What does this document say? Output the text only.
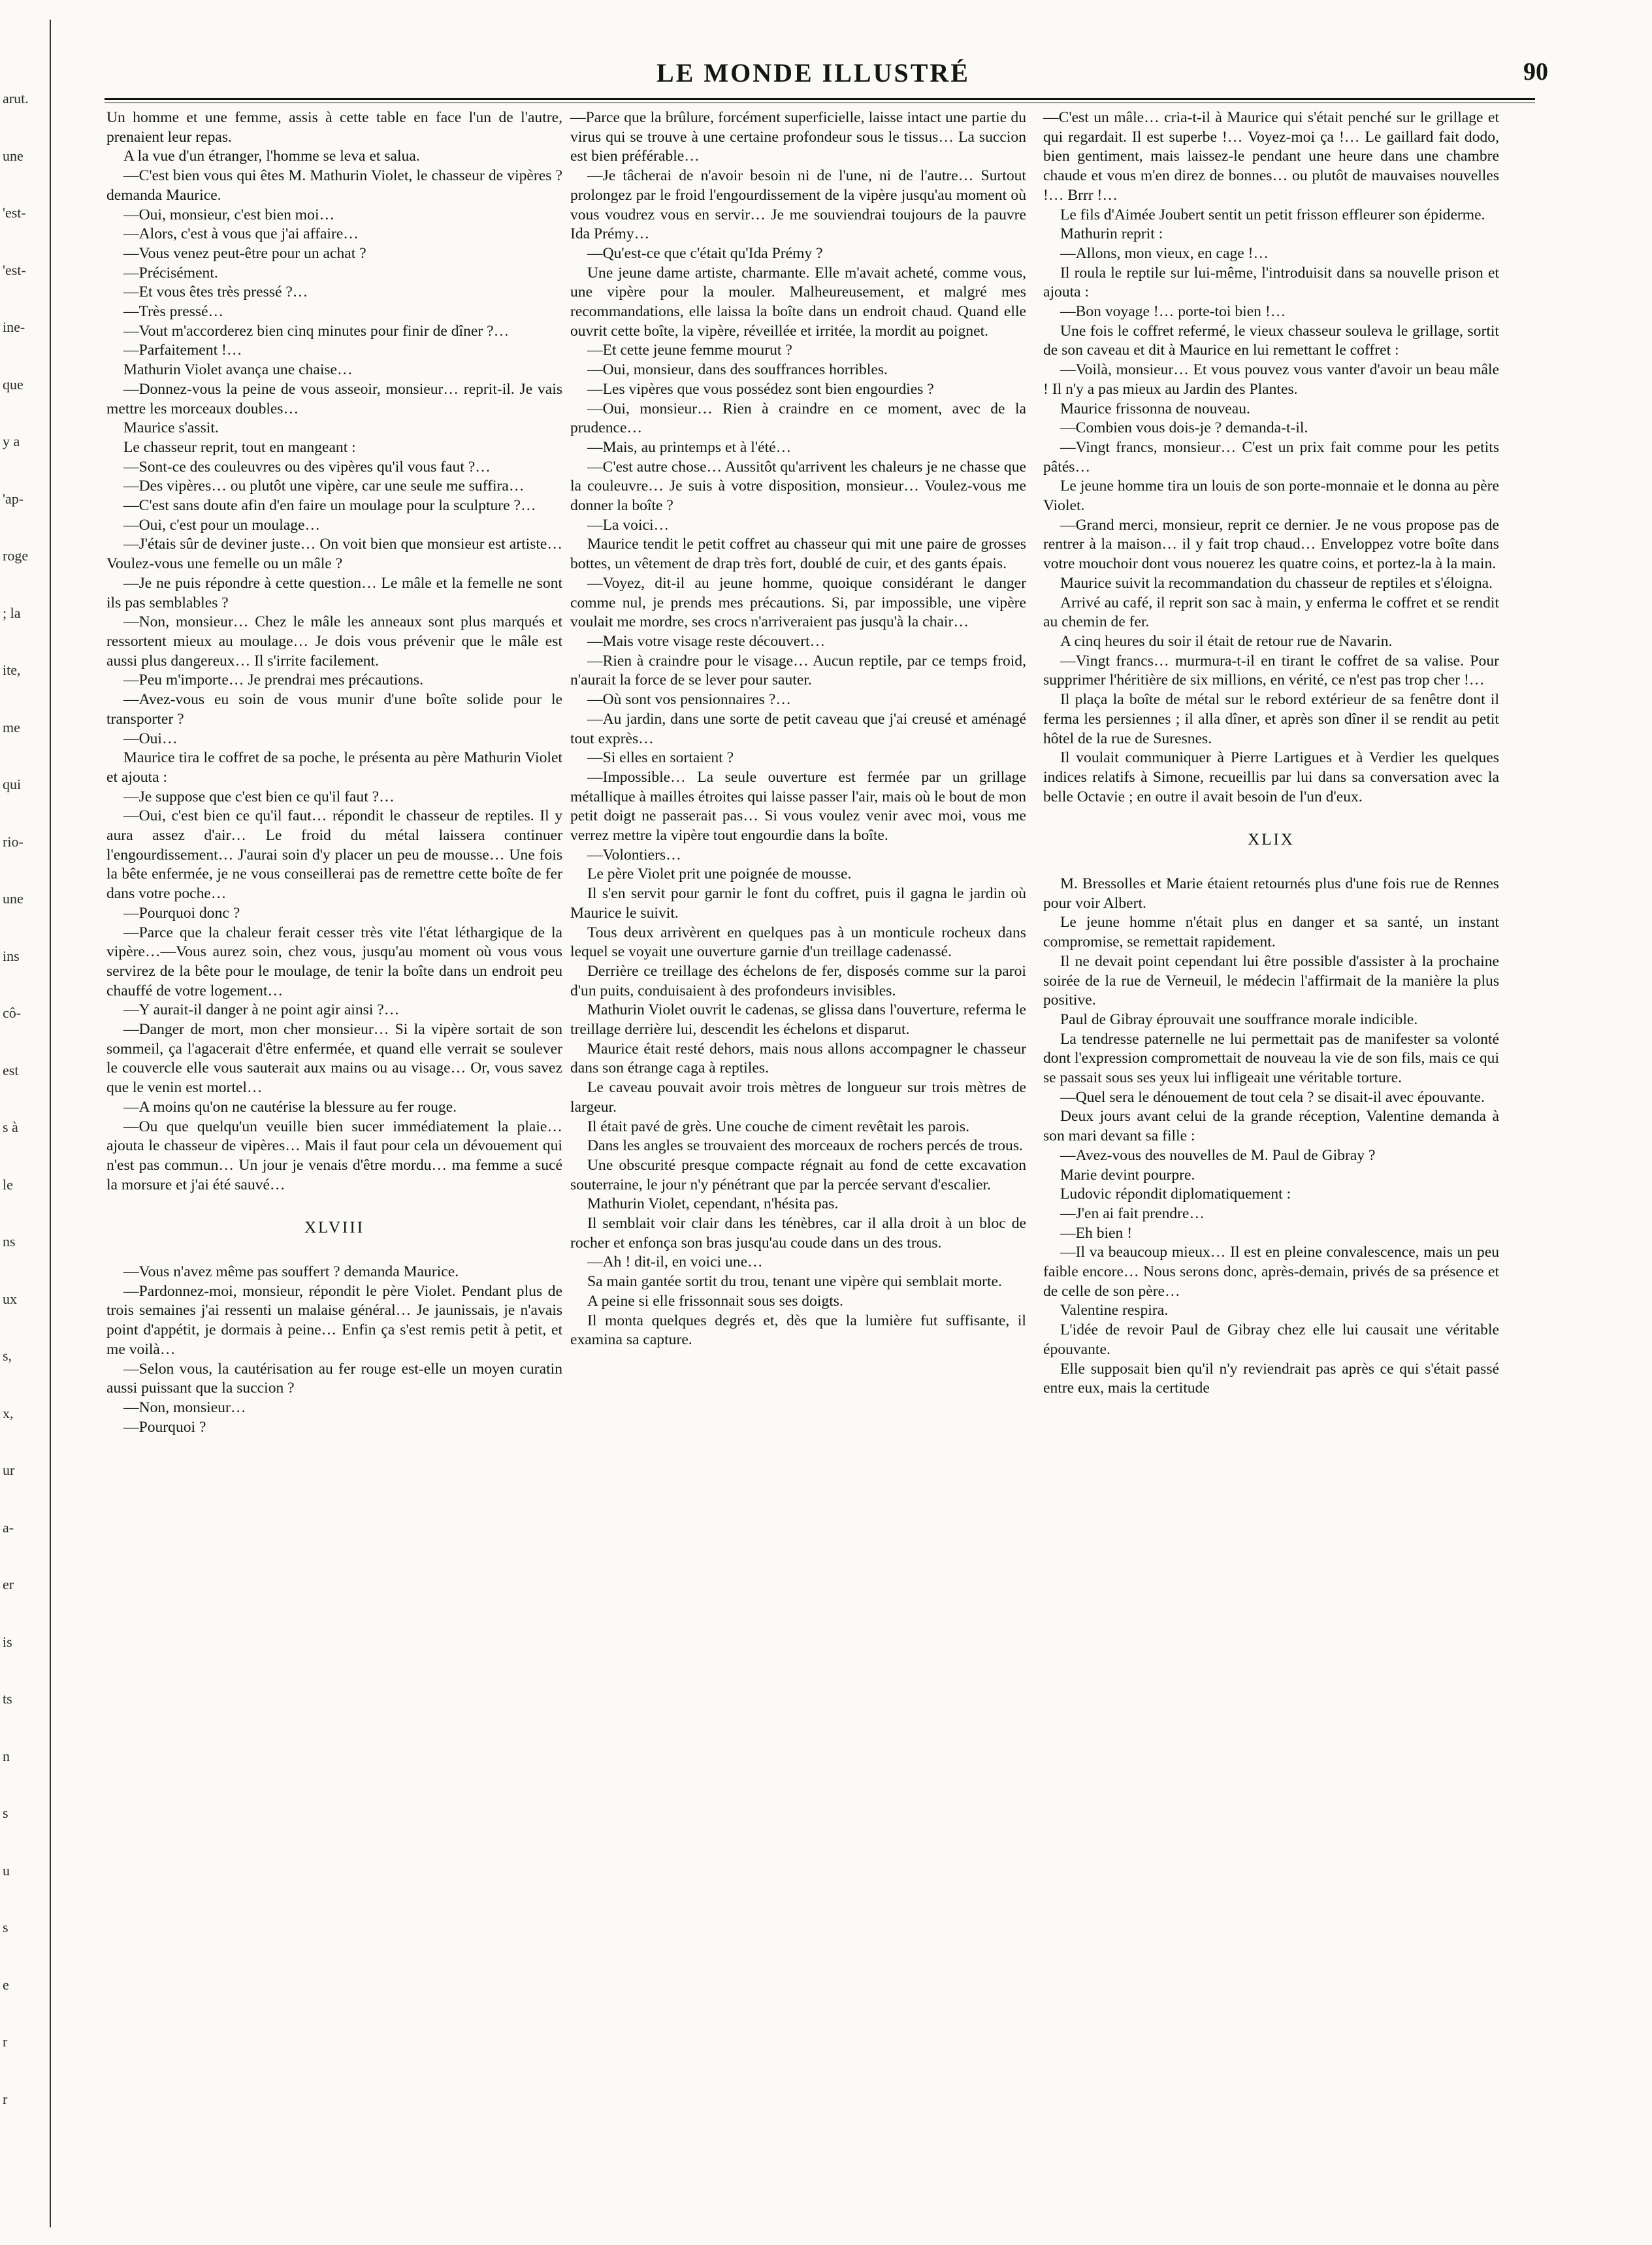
arut.
une
'est-
'est-
ine-
que
y a
'ap-
roge
; la
ite,
me
qui
rio-
une
ins
cô-
est
s à
le
ns
ux
s,
x,
ur
a-
er
is
ts
n
s
u
s
e
r
r
LE MONDE ILLUSTRÉ	90

Un homme et une femme, assis à cette table en face l'un de l'autre, prenaient leur repas.

A la vue d'un étranger, l'homme se leva et salua.

—C'est bien vous qui êtes M. Mathurin Violet, le chasseur de vipères ? demanda Maurice.

—Oui, monsieur, c'est bien moi…

—Alors, c'est à vous que j'ai affaire…

—Vous venez peut-être pour un achat ?

—Précisément.

—Et vous êtes très pressé ?…

—Très pressé…

—Vout m'accorderez bien cinq minutes pour finir de dîner ?…

—Parfaitement !…

Mathurin Violet avança une chaise…

—Donnez-vous la peine de vous asseoir, monsieur… reprit-il. Je vais mettre les morceaux doubles…

Maurice s'assit.

Le chasseur reprit, tout en mangeant :

—Sont-ce des couleuvres ou des vipères qu'il vous faut ?…

—Des vipères… ou plutôt une vipère, car une seule me suffira…

—C'est sans doute afin d'en faire un moulage pour la sculpture ?…

—Oui, c'est pour un moulage…

—J'étais sûr de deviner juste… On voit bien que monsieur est artiste… Voulez-vous une femelle ou un mâle ?

—Je ne puis répondre à cette question… Le mâle et la femelle ne sont ils pas semblables ?

—Non, monsieur… Chez le mâle les anneaux sont plus marqués et ressortent mieux au moulage… Je dois vous prévenir que le mâle est aussi plus dangereux… Il s'irrite facilement.

—Peu m'importe… Je prendrai mes précautions.

—Avez-vous eu soin de vous munir d'une boîte solide pour le transporter ?

—Oui…

Maurice tira le coffret de sa poche, le présenta au père Mathurin Violet et ajouta :

—Je suppose que c'est bien ce qu'il faut ?…

—Oui, c'est bien ce qu'il faut… répondit le chasseur de reptiles. Il y aura assez d'air… Le froid du métal laissera continuer l'engourdissement… J'aurai soin d'y placer un peu de mousse… Une fois la bête enfermée, je ne vous conseillerai pas de remettre cette boîte de fer dans votre poche…

—Pourquoi donc ?

—Parce que la chaleur ferait cesser très vite l'état léthargique de la vipère…—Vous aurez soin, chez vous, jusqu'au moment où vous vous servirez de la bête pour le moulage, de tenir la boîte dans un endroit peu chauffé de votre logement…

—Y aurait-il danger à ne point agir ainsi ?…

—Danger de mort, mon cher monsieur… Si la vipère sortait de son sommeil, ça l'agacerait d'être enfermée, et quand elle verrait se soulever le couvercle elle vous sauterait aux mains ou au visage… Or, vous savez que le venin est mortel…

—A moins qu'on ne cautérise la blessure au fer rouge.

—Ou que quelqu'un veuille bien sucer immédiatement la plaie… ajouta le chasseur de vipères… Mais il faut pour cela un dévouement qui n'est pas commun… Un jour je venais d'être mordu… ma femme a sucé la morsure et j'ai été sauvé…

XLVIII

—Vous n'avez même pas souffert ? demanda Maurice.

—Pardonnez-moi, monsieur, répondit le père Violet. Pendant plus de trois semaines j'ai ressenti un malaise général… Je jaunissais, je n'avais point d'appétit, je dormais à peine… Enfin ça s'est remis petit à petit, et me voilà…

—Selon vous, la cautérisation au fer rouge est-elle un moyen curatin aussi puissant que la succion ?

—Non, monsieur…

—Pourquoi ?

—Parce que la brûlure, forcément superficielle, laisse intact une partie du virus qui se trouve à une certaine profondeur sous le tissus… La succion est bien préférable…

—Je tâcherai de n'avoir besoin ni de l'une, ni de l'autre… Surtout prolongez par le froid l'engourdissement de la vipère jusqu'au moment où vous voudrez vous en servir… Je me souviendrai toujours de la pauvre Ida Prémy…

—Qu'est-ce que c'était qu'Ida Prémy ?

Une jeune dame artiste, charmante. Elle m'avait acheté, comme vous, une vipère pour la mouler. Malheureusement, et malgré mes recommandations, elle laissa la boîte dans un endroit chaud. Quand elle ouvrit cette boîte, la vipère, réveillée et irritée, la mordit au poignet.

—Et cette jeune femme mourut ?

—Oui, monsieur, dans des souffrances horribles.

—Les vipères que vous possédez sont bien engourdies ?

—Oui, monsieur… Rien à craindre en ce moment, avec de la prudence…

—Mais, au printemps et à l'été…

—C'est autre chose… Aussitôt qu'arrivent les chaleurs je ne chasse que la couleuvre… Je suis à votre disposition, monsieur… Voulez-vous me donner la boîte ?

—La voici…

Maurice tendit le petit coffret au chasseur qui mit une paire de grosses bottes, un vêtement de drap très fort, doublé de cuir, et des gants épais.

—Voyez, dit-il au jeune homme, quoique considérant le danger comme nul, je prends mes précautions. Si, par impossible, une vipère voulait me mordre, ses crocs n'arriveraient pas jusqu'à la chair…

—Mais votre visage reste découvert…

—Rien à craindre pour le visage… Aucun reptile, par ce temps froid, n'aurait la force de se lever pour sauter.

—Où sont vos pensionnaires ?…

—Au jardin, dans une sorte de petit caveau que j'ai creusé et aménagé tout exprès…

—Si elles en sortaient ?

—Impossible… La seule ouverture est fermée par un grillage métallique à mailles étroites qui laisse passer l'air, mais où le bout de mon petit doigt ne passerait pas… Si vous voulez venir avec moi, vous me verrez mettre la vipère tout engourdie dans la boîte.

—Volontiers…

Le père Violet prit une poignée de mousse.

Il s'en servit pour garnir le font du coffret, puis il gagna le jardin où Maurice le suivit.

Tous deux arrivèrent en quelques pas à un monticule rocheux dans lequel se voyait une ouverture garnie d'un treillage cadenassé.

Derrière ce treillage des échelons de fer, disposés comme sur la paroi d'un puits, conduisaient à des profondeurs invisibles.

Mathurin Violet ouvrit le cadenas, se glissa dans l'ouverture, referma le treillage derrière lui, descendit les échelons et disparut.

Maurice était resté dehors, mais nous allons accompagner le chasseur dans son étrange caga à reptiles.

Le caveau pouvait avoir trois mètres de longueur sur trois mètres de largeur.

Il était pavé de grès. Une couche de ciment revêtait les parois.

Dans les angles se trouvaient des morceaux de rochers percés de trous.

Une obscurité presque compacte régnait au fond de cette excavation souterraine, le jour n'y pénétrant que par la percée servant d'escalier.

Mathurin Violet, cependant, n'hésita pas.

Il semblait voir clair dans les ténèbres, car il alla droit à un bloc de rocher et enfonça son bras jusqu'au coude dans un des trous.

—Ah ! dit-il, en voici une…

Sa main gantée sortit du trou, tenant une vipère qui semblait morte.

A peine si elle frissonnait sous ses doigts.

Il monta quelques degrés et, dès que la lumière fut suffisante, il examina sa capture.

—C'est un mâle… cria-t-il à Maurice qui s'était penché sur le grillage et qui regardait. Il est superbe !… Voyez-moi ça !… Le gaillard fait dodo, bien gentiment, mais laissez-le pendant une heure dans une chambre chaude et vous m'en direz de bonnes… ou plutôt de mauvaises nouvelles !… Brrr !…

Le fils d'Aimée Joubert sentit un petit frisson effleurer son épiderme.

Mathurin reprit :

—Allons, mon vieux, en cage !…

Il roula le reptile sur lui-même, l'introduisit dans sa nouvelle prison et ajouta :

—Bon voyage !… porte-toi bien !…

Une fois le coffret refermé, le vieux chasseur souleva le grillage, sortit de son caveau et dit à Maurice en lui remettant le coffret :

—Voilà, monsieur… Et vous pouvez vous vanter d'avoir un beau mâle ! Il n'y a pas mieux au Jardin des Plantes.

Maurice frissonna de nouveau.

—Combien vous dois-je ? demanda-t-il.

—Vingt francs, monsieur… C'est un prix fait comme pour les petits pâtés…

Le jeune homme tira un louis de son porte-monnaie et le donna au père Violet.

—Grand merci, monsieur, reprit ce dernier. Je ne vous propose pas de rentrer à la maison… il y fait trop chaud… Enveloppez votre boîte dans votre mouchoir dont vous nouerez les quatre coins, et portez-la à la main.

Maurice suivit la recommandation du chasseur de reptiles et s'éloigna.

Arrivé au café, il reprit son sac à main, y enferma le coffret et se rendit au chemin de fer.

A cinq heures du soir il était de retour rue de Navarin.

—Vingt francs… murmura-t-il en tirant le coffret de sa valise. Pour supprimer l'héritière de six millions, en vérité, ce n'est pas trop cher !…

Il plaça la boîte de métal sur le rebord extérieur de sa fenêtre dont il ferma les persiennes ; il alla dîner, et après son dîner il se rendit au petit hôtel de la rue de Suresnes.

Il voulait communiquer à Pierre Lartigues et à Verdier les quelques indices relatifs à Simone, recueillis par lui dans sa conversation avec la belle Octavie ; en outre il avait besoin de l'un d'eux.

XLIX

M. Bressolles et Marie étaient retournés plus d'une fois rue de Rennes pour voir Albert.

Le jeune homme n'était plus en danger et sa santé, un instant compromise, se remettait rapidement.

Il ne devait point cependant lui être possible d'assister à la prochaine soirée de la rue de Verneuil, le médecin l'affirmait de la manière la plus positive.

Paul de Gibray éprouvait une souffrance morale indicible.

La tendresse paternelle ne lui permettait pas de manifester sa volonté dont l'expression compromettait de nouveau la vie de son fils, mais ce qui se passait sous ses yeux lui infligeait une véritable torture.

—Quel sera le dénouement de tout cela ? se disait-il avec épouvante.

Deux jours avant celui de la grande réception, Valentine demanda à son mari devant sa fille :

—Avez-vous des nouvelles de M. Paul de Gibray ?

Marie devint pourpre.

Ludovic répondit diplomatiquement :

—J'en ai fait prendre…

—Eh bien !

—Il va beaucoup mieux… Il est en pleine convalescence, mais un peu faible encore… Nous serons donc, après-demain, privés de sa présence et de celle de son père…

Valentine respira.

L'idée de revoir Paul de Gibray chez elle lui causait une véritable épouvante.

Elle supposait bien qu'il n'y reviendrait pas après ce qui s'était passé entre eux, mais la certitude
